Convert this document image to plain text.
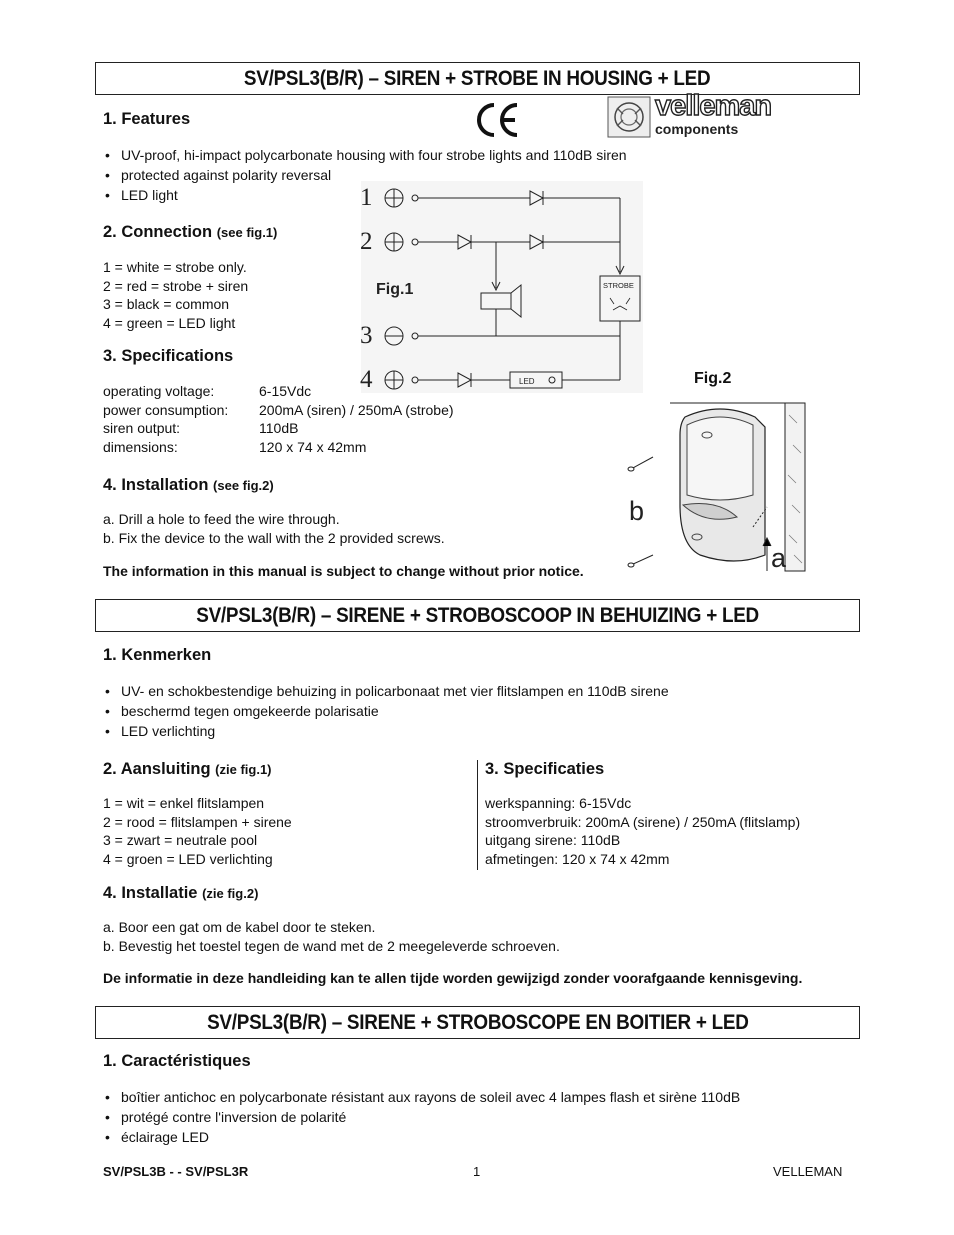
SV/PSL3(B/R) – SIREN + STROBE IN HOUSING + LED
1. Features	velleman
components
• UV-proof, hi-impact polycarbonate housing with four strobe lights and 110dB siren
• protected against polarity reversal
• LED light
2. Connection (see fig.1)
1 = white = strobe only.
2 = red = strobe + siren
3 = black = common
4 = green = LED light
3. Specifications
operating voltage:	6-15Vdc
power consumption:	200mA (siren) / 250mA (strobe)
siren output:	110dB
dimensions:	120 x 74 x 42mm
4. Installation (see fig.2)
a. Drill a hole to feed the wire through.
b. Fix the device to the wall with the 2 provided screws.
The information in this manual is subject to change without prior notice.
1
2
3
4
STROBE
LED
Fig.1
Fig.2
b
a
SV/PSL3(B/R) – SIRENE + STROBOSCOOP IN BEHUIZING + LED
1. Kenmerken
• UV- en schokbestendige behuizing in policarbonaat met vier flitslampen en 110dB sirene
• beschermd tegen omgekeerde polarisatie
• LED verlichting
2. Aansluiting (zie fig.1)
1 = wit = enkel flitslampen
2 = rood = flitslampen + sirene
3 = zwart = neutrale pool
4 = groen = LED verlichting
3. Specificaties
werkspanning: 6-15Vdc
stroomverbruik: 200mA (sirene) / 250mA (flitslamp)
uitgang sirene: 110dB
afmetingen: 120 x 74 x 42mm
4. Installatie (zie fig.2)
a. Boor een gat om de kabel door te steken.
b. Bevestig het toestel tegen de wand met de 2 meegeleverde schroeven.
De informatie in deze handleiding kan te allen tijde worden gewijzigd zonder voorafgaande kennisgeving.
SV/PSL3(B/R) – SIRENE + STROBOSCOPE EN BOITIER + LED
1. Caractéristiques
• boîtier antichoc en polycarbonate résistant aux rayons de soleil avec 4 lampes flash et sirène 110dB
• protégé contre l'inversion de polarité
• éclairage LED
SV/PSL3B - - SV/PSL3R	1	VELLEMAN
